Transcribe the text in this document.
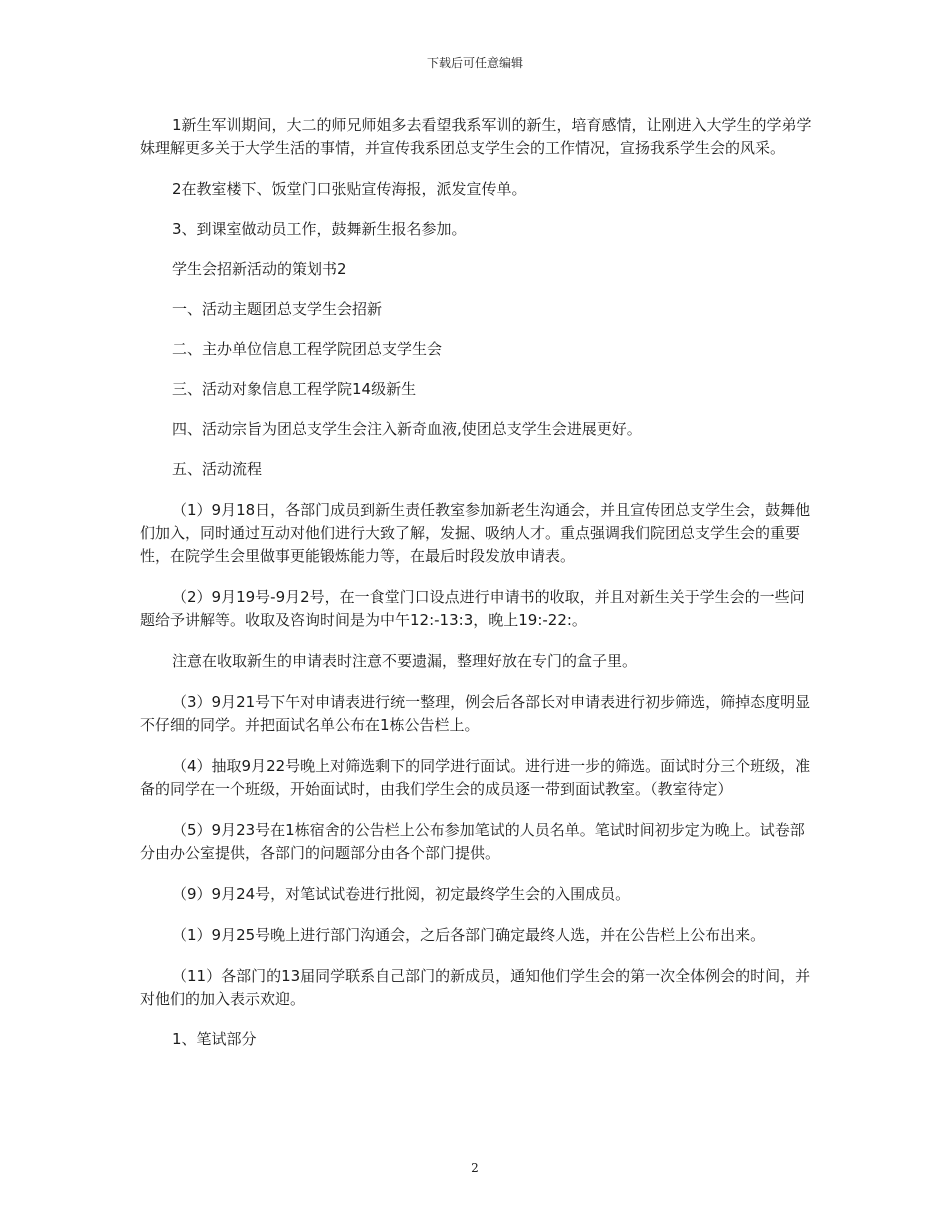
下载后可任意编辑

1新生军训期间，大二的师兄师姐多去看望我系军训的新生，培育感情，让刚进入大学生的学弟学妹理解更多关于大学生活的事情，并宣传我系团总支学生会的工作情况，宣扬我系学生会的风采。

2在教室楼下、饭堂门口张贴宣传海报，派发宣传单。

3、到课室做动员工作，鼓舞新生报名参加。

学生会招新活动的策划书2

一、活动主题团总支学生会招新

二、主办单位信息工程学院团总支学生会

三、活动对象信息工程学院14级新生

四、活动宗旨为团总支学生会注入新奇血液,使团总支学生会进展更好。

五、活动流程

（1）9月18日，各部门成员到新生责任教室参加新老生沟通会，并且宣传团总支学生会，鼓舞他们加入，同时通过互动对他们进行大致了解，发掘、吸纳人才。重点强调我们院团总支学生会的重要性，在院学生会里做事更能锻炼能力等，在最后时段发放申请表。

（2）9月19号-9月2号，在一食堂门口设点进行申请书的收取，并且对新生关于学生会的一些问题给予讲解等。收取及咨询时间是为中午12:-13:3，晚上19:-22:。

注意在收取新生的申请表时注意不要遗漏，整理好放在专门的盒子里。

（3）9月21号下午对申请表进行统一整理，例会后各部长对申请表进行初步筛选，筛掉态度明显不仔细的同学。并把面试名单公布在1栋公告栏上。

（4）抽取9月22号晚上对筛选剩下的同学进行面试。进行进一步的筛选。面试时分三个班级，准备的同学在一个班级，开始面试时，由我们学生会的成员逐一带到面试教室。（教室待定）

（5）9月23号在1栋宿舍的公告栏上公布参加笔试的人员名单。笔试时间初步定为晚上。试卷部分由办公室提供，各部门的问题部分由各个部门提供。

（9）9月24号，对笔试试卷进行批阅，初定最终学生会的入围成员。

（1）9月25号晚上进行部门沟通会，之后各部门确定最终人选，并在公告栏上公布出来。

（11）各部门的13届同学联系自己部门的新成员，通知他们学生会的第一次全体例会的时间，并对他们的加入表示欢迎。

1、笔试部分

2
